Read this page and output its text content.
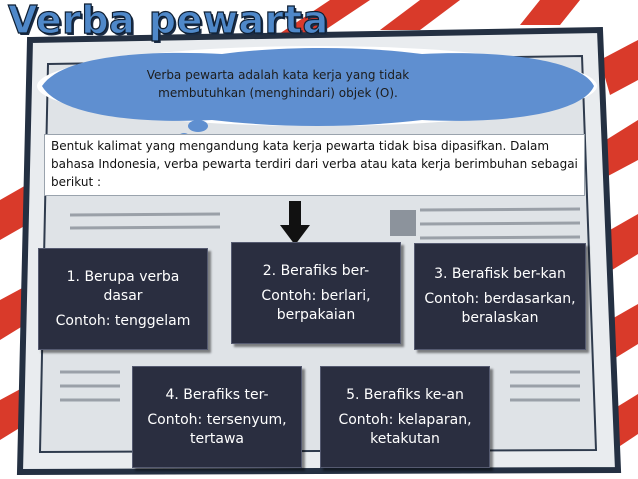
Verba pewarta
Verba pewarta adalah kata kerja yang tidak membutuhkan (menghindari) objek (O).
Bentuk kalimat yang mengandung kata kerja pewarta tidak bisa dipasifkan. Dalam bahasa Indonesia, verba pewarta terdiri dari verba atau kata kerja berimbuhan sebagai berikut :
1. Berupa verba dasar
Contoh: tenggelam
2. Berafiks ber-
Contoh: berlari, berpakaian
3. Berafisk ber-kan
Contoh: berdasarkan, beralaskan
4. Berafiks ter-
Contoh: tersenyum, tertawa
5. Berafiks ke-an
Contoh: kelaparan, ketakutan
